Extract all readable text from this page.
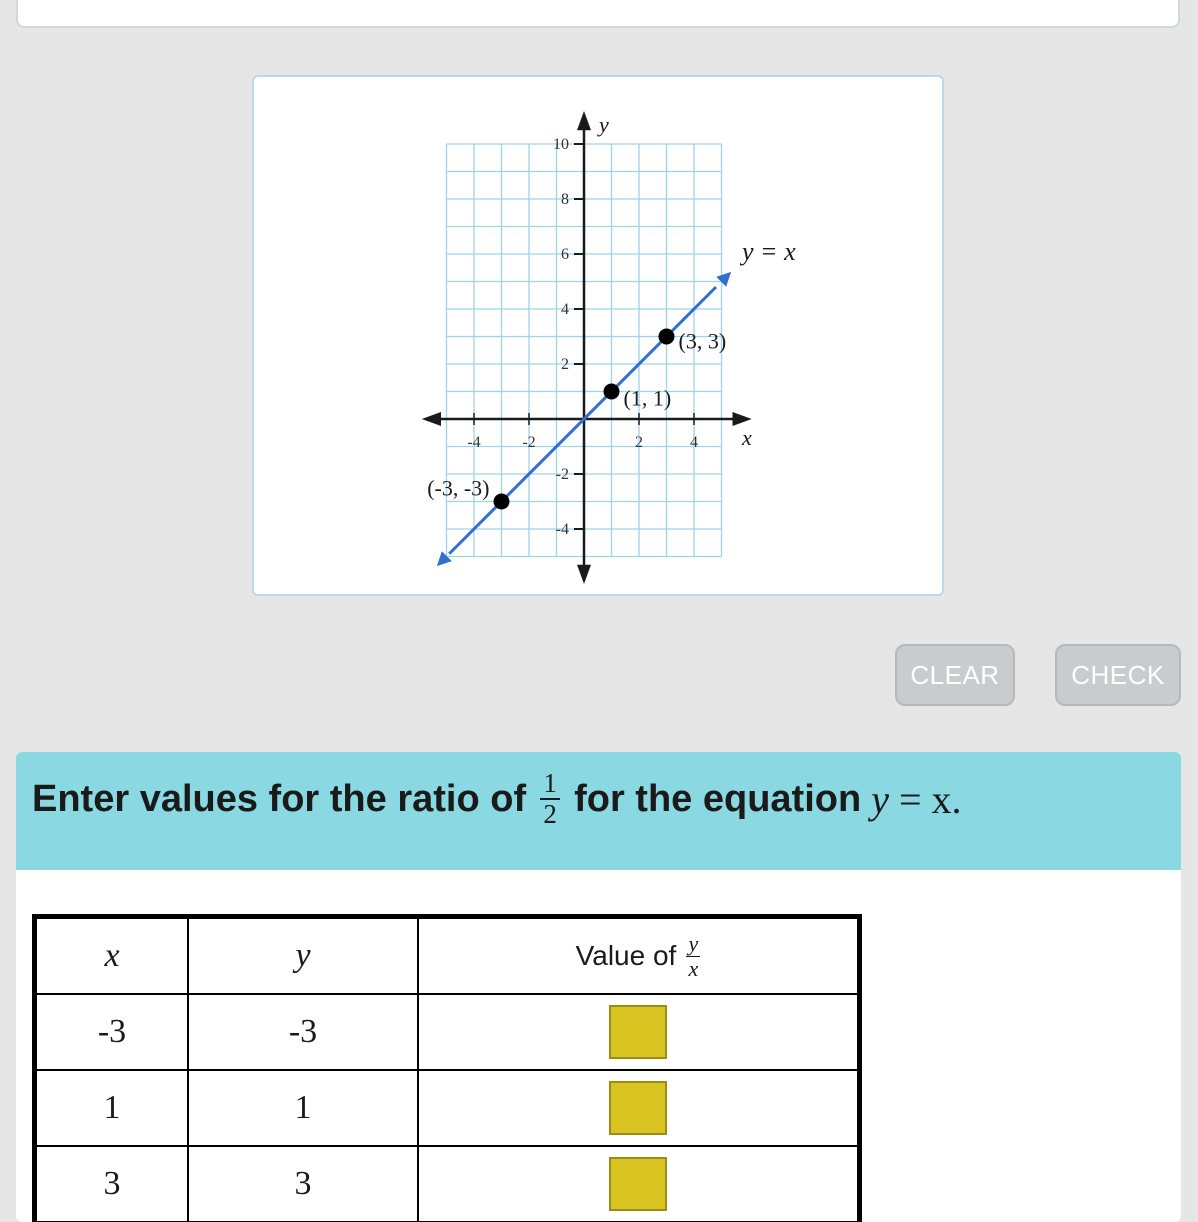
-4	-2	2	4
10
8
6
4
2
-2
-4
(-3, -3)
(1, 1)
(3, 3)
x
y
y = x
CLEAR	CHECK
Enter values for the ratio of $\frac{1}{2}$ for the equation y = x.
x	y	Value of $\frac{y}{x}$

-3	-3	
1	1	
3	3	
